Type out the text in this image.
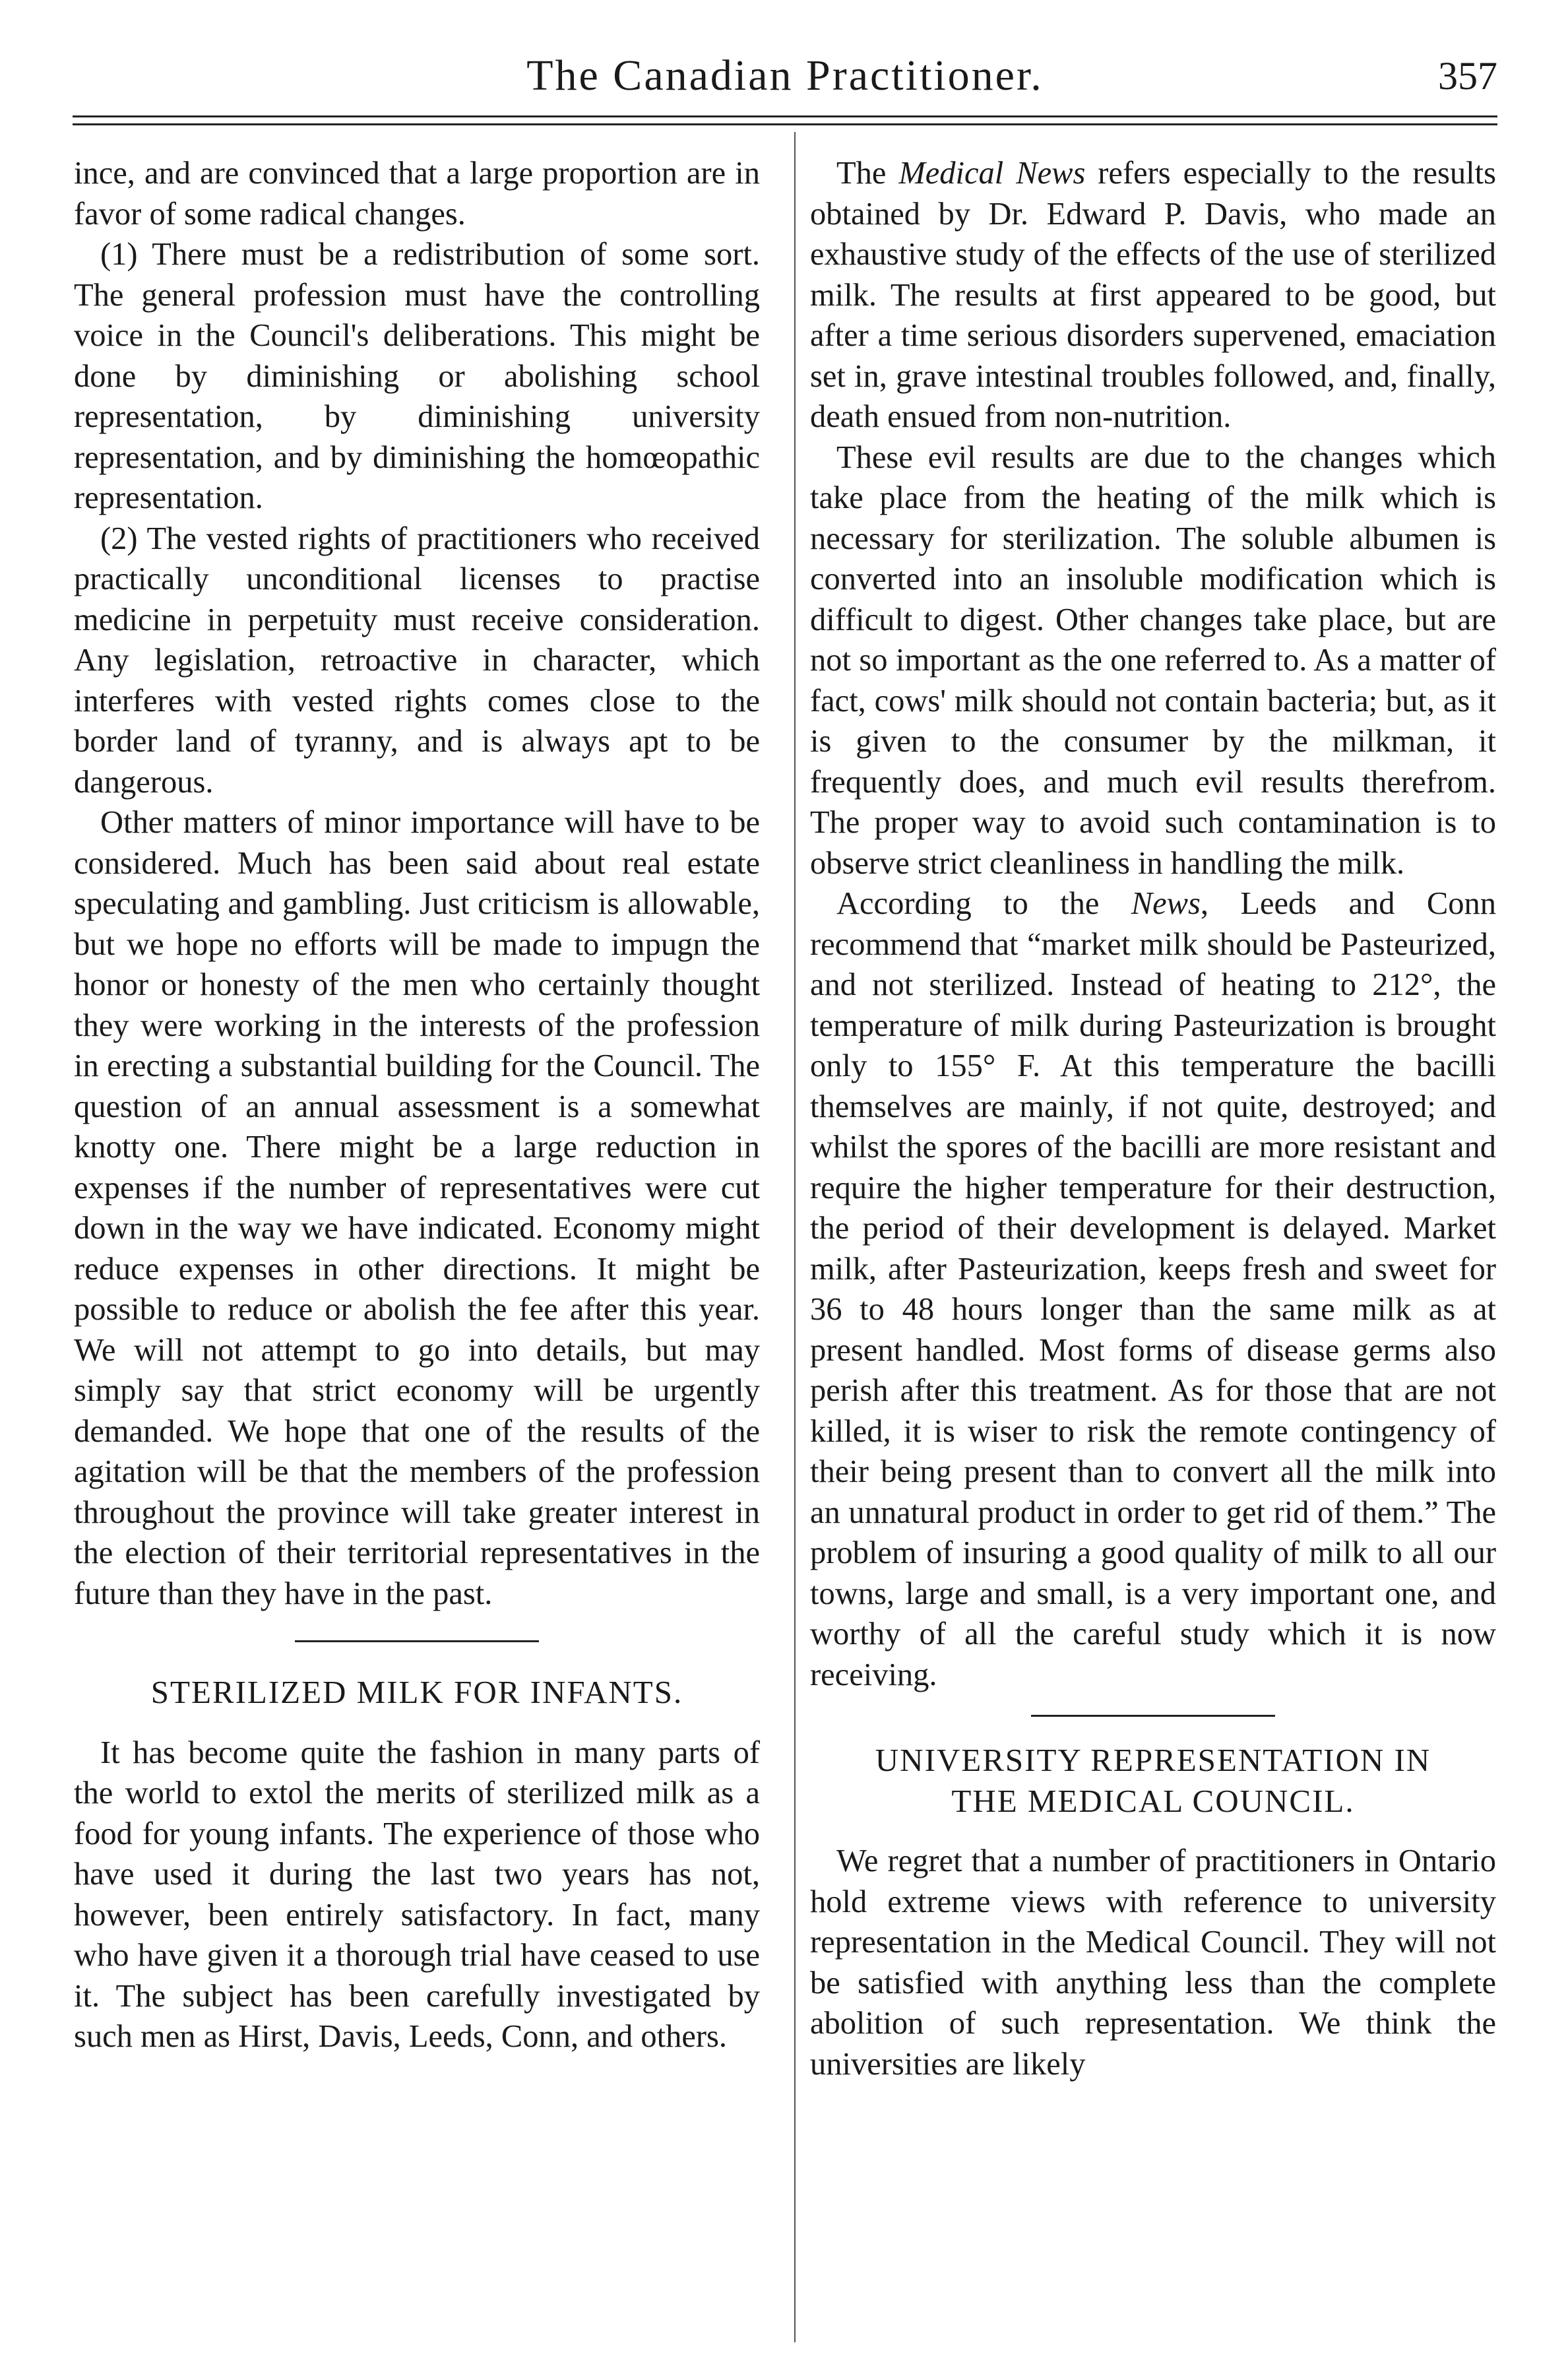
The Canadian Practitioner.	357

ince, and are convinced that a large proportion are in favor of some radical changes.

(1) There must be a redistribution of some sort. The general profession must have the controlling voice in the Council's deliberations. This might be done by diminishing or abolishing school representation, by diminishing university representation, and by diminishing the homœopathic representation.

(2) The vested rights of practitioners who received practically unconditional licenses to practise medicine in perpetuity must receive consideration. Any legislation, retroactive in character, which interferes with vested rights comes close to the border land of tyranny, and is always apt to be dangerous.

Other matters of minor importance will have to be considered. Much has been said about real estate speculating and gambling. Just criticism is allowable, but we hope no efforts will be made to impugn the honor or honesty of the men who certainly thought they were working in the interests of the profession in erecting a substantial building for the Council. The question of an annual assessment is a somewhat knotty one. There might be a large reduction in expenses if the number of representatives were cut down in the way we have indicated. Economy might reduce expenses in other directions. It might be possible to reduce or abolish the fee after this year. We will not attempt to go into details, but may simply say that strict economy will be urgently demanded. We hope that one of the results of the agitation will be that the members of the profession throughout the province will take greater interest in the election of their territorial representatives in the future than they have in the past.

STERILIZED MILK FOR INFANTS.

It has become quite the fashion in many parts of the world to extol the merits of sterilized milk as a food for young infants. The experience of those who have used it during the last two years has not, however, been entirely satisfactory. In fact, many who have given it a thorough trial have ceased to use it. The subject has been carefully investigated by such men as Hirst, Davis, Leeds, Conn, and others.

The Medical News refers especially to the results obtained by Dr. Edward P. Davis, who made an exhaustive study of the effects of the use of sterilized milk. The results at first appeared to be good, but after a time serious disorders supervened, emaciation set in, grave intestinal troubles followed, and, finally, death ensued from non-nutrition.

These evil results are due to the changes which take place from the heating of the milk which is necessary for sterilization. The soluble albumen is converted into an insoluble modification which is difficult to digest. Other changes take place, but are not so important as the one referred to. As a matter of fact, cows' milk should not contain bacteria; but, as it is given to the consumer by the milkman, it frequently does, and much evil results therefrom. The proper way to avoid such contamination is to observe strict cleanliness in handling the milk.

According to the News, Leeds and Conn recommend that “market milk should be Pasteurized, and not sterilized. Instead of heating to 212°, the temperature of milk during Pasteurization is brought only to 155° F. At this temperature the bacilli themselves are mainly, if not quite, destroyed; and whilst the spores of the bacilli are more resistant and require the higher temperature for their destruction, the period of their development is delayed. Market milk, after Pasteurization, keeps fresh and sweet for 36 to 48 hours longer than the same milk as at present handled. Most forms of disease germs also perish after this treatment. As for those that are not killed, it is wiser to risk the remote contingency of their being present than to convert all the milk into an unnatural product in order to get rid of them.” The problem of insuring a good quality of milk to all our towns, large and small, is a very important one, and worthy of all the careful study which it is now receiving.

UNIVERSITY REPRESENTATION IN

THE MEDICAL COUNCIL.

We regret that a number of practitioners in Ontario hold extreme views with reference to university representation in the Medical Council. They will not be satisfied with anything less than the complete abolition of such representation. We think the universities are likely
